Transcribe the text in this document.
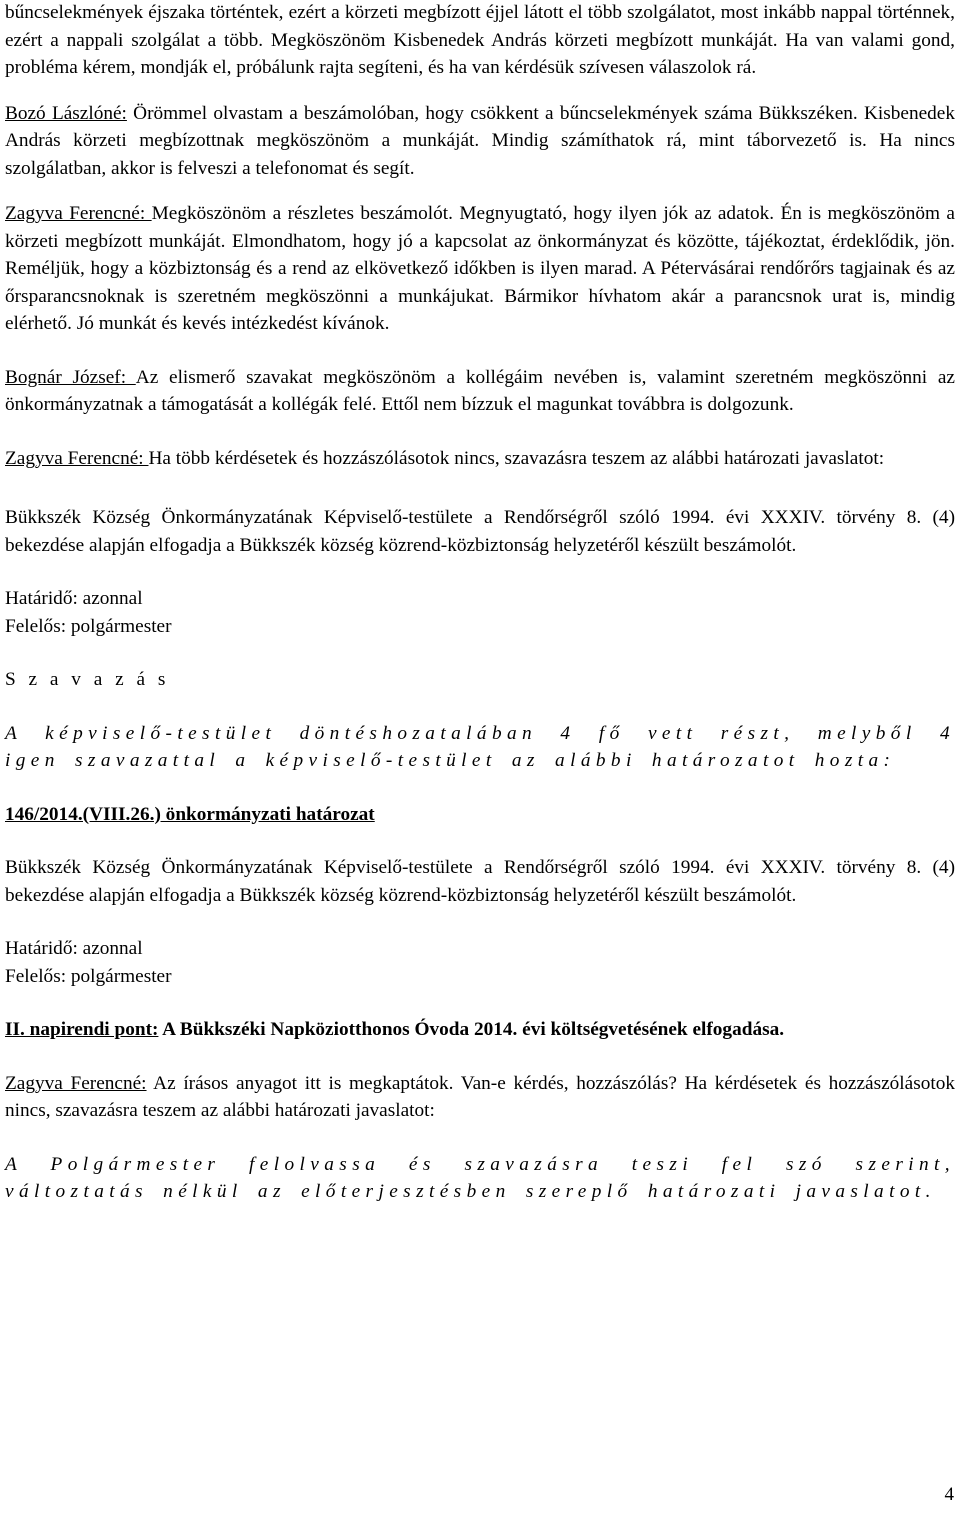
bűncselekmények éjszaka történtek, ezért a körzeti megbízott éjjel látott el több szolgálatot, most inkább nappal történnek, ezért a nappali szolgálat a több. Megköszönöm Kisbenedek András körzeti megbízott munkáját. Ha van valami gond, probléma kérem, mondják el, próbálunk rajta segíteni, és ha van kérdésük szívesen válaszolok rá.

Bozó Lászlóné: Örömmel olvastam a beszámolóban, hogy csökkent a bűncselekmények száma Bükkszéken. Kisbenedek András körzeti megbízottnak megköszönöm a munkáját. Mindig számíthatok rá, mint táborvezető is. Ha nincs szolgálatban, akkor is felveszi a telefonomat és segít.

Zagyva Ferencné: Megköszönöm a részletes beszámolót. Megnyugtató, hogy ilyen jók az adatok. Én is megköszönöm a körzeti megbízott munkáját. Elmondhatom, hogy jó a kapcsolat az önkormányzat és közötte, tájékoztat, érdeklődik, jön. Reméljük, hogy a közbiztonság és a rend az elkövetkező időkben is ilyen marad. A Pétervásárai rendőrőrs tagjainak és az őrsparancsnoknak is szeretném megköszönni a munkájukat. Bármikor hívhatom akár a parancsnok urat is, mindig elérhető. Jó munkát és kevés intézkedést kívánok.

Bognár József: Az elismerő szavakat megköszönöm a kollégáim nevében is, valamint szeretném megköszönni az önkormányzatnak a támogatását a kollégák felé. Ettől nem bízzuk el magunkat továbbra is dolgozunk.

Zagyva Ferencné: Ha több kérdésetek és hozzászólásotok nincs, szavazásra teszem az alábbi határozati javaslatot:

Bükkszék Község Önkormányzatának Képviselő-testülete a Rendőrségről szóló 1994. évi XXXIV. törvény 8. (4) bekezdése alapján elfogadja a Bükkszék község közrend-közbiztonság helyzetéről készült beszámolót.

Határidő: azonnal

Felelős: polgármester

S z a v a z á s

A képviselő-testület döntéshozatalában 4 fő vett részt, melyből 4 igen szavazattal a képviselő-testület az alábbi határozatot hozta:

146/2014.(VIII.26.) önkormányzati határozat

Bükkszék Község Önkormányzatának Képviselő-testülete a Rendőrségről szóló 1994. évi XXXIV. törvény 8. (4) bekezdése alapján elfogadja a Bükkszék község közrend-közbiztonság helyzetéről készült beszámolót.

Határidő: azonnal

Felelős: polgármester

II. napirendi pont: A Bükkszéki Napköziotthonos Óvoda 2014. évi költségvetésének elfogadása.

Zagyva Ferencné: Az írásos anyagot itt is megkaptátok. Van-e kérdés, hozzászólás? Ha kérdésetek és hozzászólásotok nincs, szavazásra teszem az alábbi határozati javaslatot:

A Polgármester felolvassa és szavazásra teszi fel szó szerint, változtatás nélkül az előterjesztésben szereplő határozati javaslatot.

4
